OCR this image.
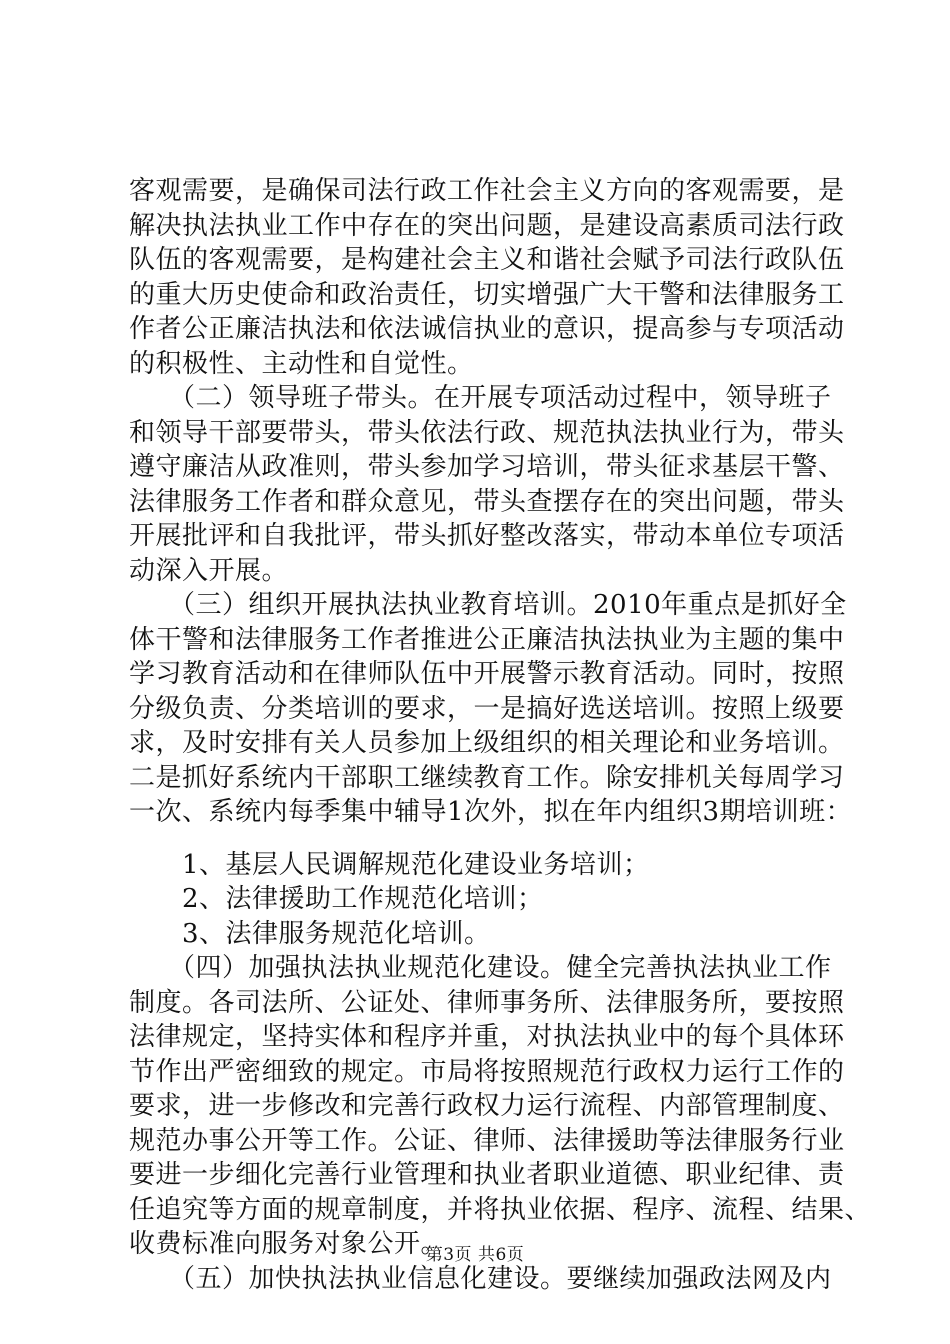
客观需要，是确保司法行政工作社会主义方向的客观需要，是
解决执法执业工作中存在的突出问题，是建设高素质司法行政
队伍的客观需要，是构建社会主义和谐社会赋予司法行政队伍
的重大历史使命和政治责任，切实增强广大干警和法律服务工
作者公正廉洁执法和依法诚信执业的意识，提高参与专项活动
的积极性、主动性和自觉性。
　　（二）领导班子带头。在开展专项活动过程中，领导班子
和领导干部要带头，带头依法行政、规范执法执业行为，带头
遵守廉洁从政准则，带头参加学习培训，带头征求基层干警、
法律服务工作者和群众意见，带头查摆存在的突出问题，带头
开展批评和自我批评，带头抓好整改落实，带动本单位专项活
动深入开展。
　　（三）组织开展执法执业教育培训。2010年重点是抓好全
体干警和法律服务工作者推进公正廉洁执法执业为主题的集中
学习教育活动和在律师队伍中开展警示教育活动。同时，按照
分级负责、分类培训的要求，一是搞好选送培训。按照上级要
求，及时安排有关人员参加上级组织的相关理论和业务培训。
二是抓好系统内干部职工继续教育工作。除安排机关每周学习
一次、系统内每季集中辅导1次外，拟在年内组织3期培训班：
　　1、基层人民调解规范化建设业务培训；
　　2、法律援助工作规范化培训；
　　3、法律服务规范化培训。
　　（四）加强执法执业规范化建设。健全完善执法执业工作
制度。各司法所、公证处、律师事务所、法律服务所，要按照
法律规定，坚持实体和程序并重，对执法执业中的每个具体环
节作出严密细致的规定。市局将按照规范行政权力运行工作的
要求，进一步修改和完善行政权力运行流程、内部管理制度、
规范办事公开等工作。公证、律师、法律援助等法律服务行业
要进一步细化完善行业管理和执业者职业道德、职业纪律、责
任追究等方面的规章制度，并将执业依据、程序、流程、结果、
收费标准向服务对象公开。
　　（五）加快执法执业信息化建设。要继续加强政法网及内
第3页 共6页
